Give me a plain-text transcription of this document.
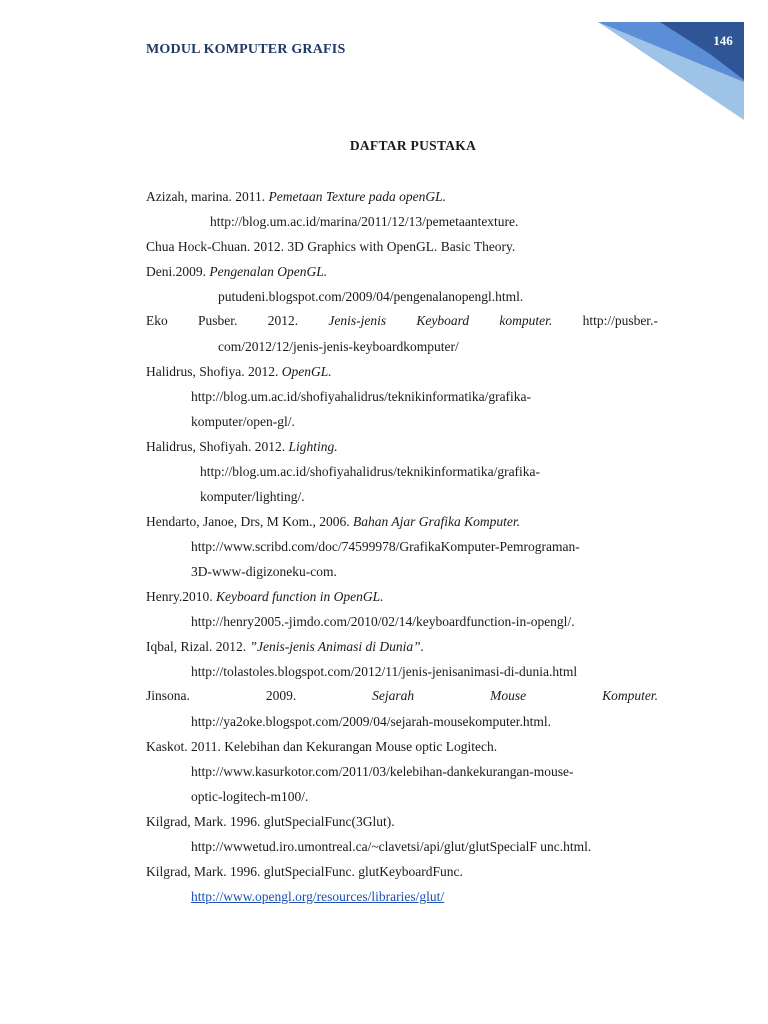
MODUL KOMPUTER GRAFIS
146
DAFTAR PUSTAKA
Azizah, marina. 2011. Pemetaan Texture pada openGL.
http://blog.um.ac.id/marina/2011/12/13/pemetaantexture.
Chua Hock-Chuan. 2012. 3D Graphics with OpenGL. Basic Theory.
Deni.2009. Pengenalan OpenGL.
putudeni.blogspot.com/2009/04/pengenalanopengl.html.
Eko Pusber. 2012. Jenis-jenis Keyboard komputer. http://pusber.-
com/2012/12/jenis-jenis-keyboardkomputer/
Halidrus, Shofiya. 2012. OpenGL.
http://blog.um.ac.id/shofiyahalidrus/teknikinformatika/grafika-
komputer/open-gl/.
Halidrus, Shofiyah. 2012. Lighting.
http://blog.um.ac.id/shofiyahalidrus/teknikinformatika/grafika-
komputer/lighting/.
Hendarto, Janoe, Drs, M Kom., 2006. Bahan Ajar Grafika Komputer.
http://www.scribd.com/doc/74599978/GrafikaKomputer-Pemrograman-
3D-www-digizoneku-com.
Henry.2010. Keyboard function in OpenGL.
http://henry2005.-jimdo.com/2010/02/14/keyboardfunction-in-opengl/.
Iqbal, Rizal. 2012. ”Jenis-jenis Animasi di Dunia”.
http://tolastoles.blogspot.com/2012/11/jenis-jenisanimasi-di-dunia.html
Jinsona.	2009.	Sejarah	Mouse	Komputer.
http://ya2oke.blogspot.com/2009/04/sejarah-mousekomputer.html.
Kaskot. 2011. Kelebihan dan Kekurangan Mouse optic Logitech.
http://www.kasurkotor.com/2011/03/kelebihan-dankekurangan-mouse-
optic-logitech-m100/.
Kilgrad, Mark. 1996. glutSpecialFunc(3Glut).
http://wwwetud.iro.umontreal.ca/~clavetsi/api/glut/glutSpecialF unc.html.
Kilgrad, Mark. 1996. glutSpecialFunc. glutKeyboardFunc.
http://www.opengl.org/resources/libraries/glut/
